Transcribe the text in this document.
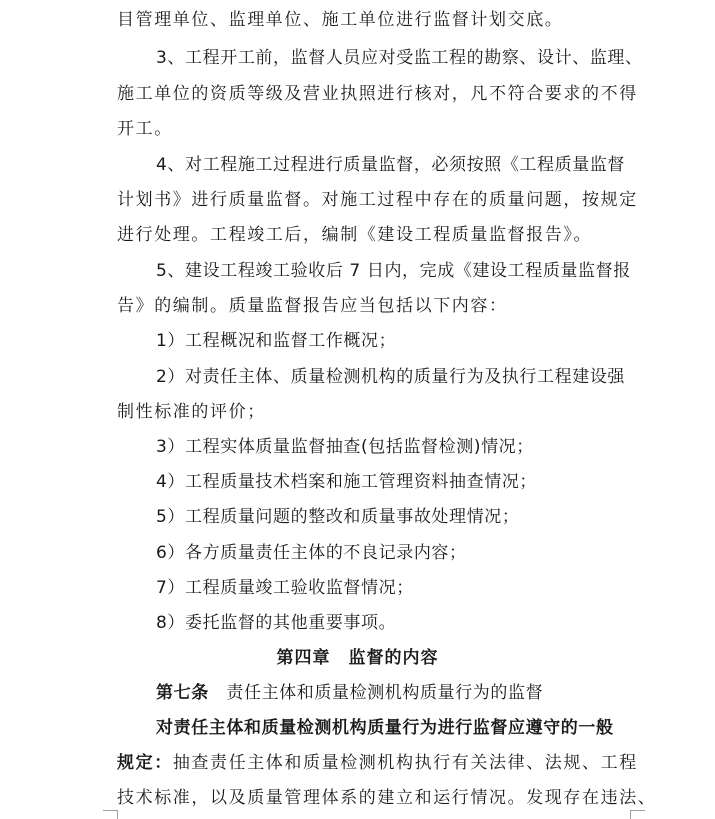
目管理单位、监理单位、施工单位进行监督计划交底。
3、工程开工前，监督人员应对受监工程的勘察、设计、监理、
施工单位的资质等级及营业执照进行核对，凡不符合要求的不得
开工。
4、对工程施工过程进行质量监督，必须按照《工程质量监督
计划书》进行质量监督。对施工过程中存在的质量问题，按规定
进行处理。工程竣工后，编制《建设工程质量监督报告》。
5、建设工程竣工验收后 7 日内，完成《建设工程质量监督报
告》的编制。质量监督报告应当包括以下内容：
1）工程概况和监督工作概况；
2）对责任主体、质量检测机构的质量行为及执行工程建设强
制性标准的评价；
3）工程实体质量监督抽查(包括监督检测)情况；
4）工程质量技术档案和施工管理资料抽查情况；
5）工程质量问题的整改和质量事故处理情况；
6）各方质量责任主体的不良记录内容；
7）工程质量竣工验收监督情况；
8）委托监督的其他重要事项。
第四章　监督的内容
第七条　责任主体和质量检测机构质量行为的监督
对责任主体和质量检测机构质量行为进行监督应遵守的一般
规定：抽查责任主体和质量检测机构执行有关法律、法规、工程
技术标准，以及质量管理体系的建立和运行情况。发现存在违法、
